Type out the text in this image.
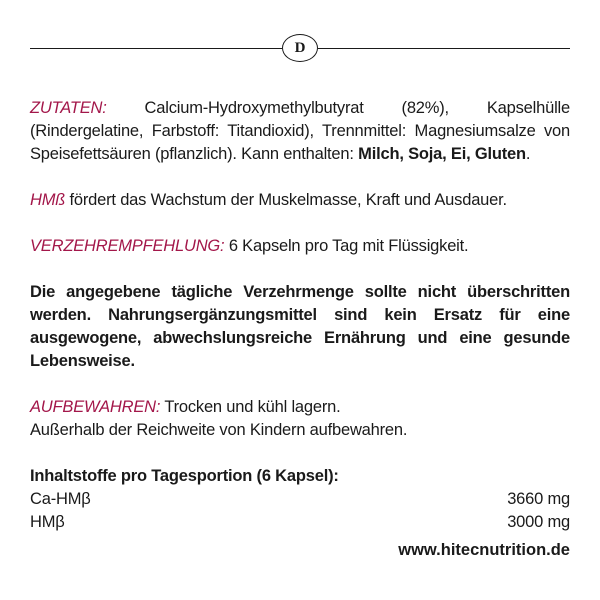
D

ZUTATEN: Calcium-Hydroxymethylbutyrat (82%), Kapselhülle (Rindergelatine, Farbstoff: Titandioxid), Trennmittel: Magnesiumsalze von Speisefettsäuren (pflanzlich). Kann enthalten: Milch, Soja, Ei, Gluten.

HMß fördert das Wachstum der Muskelmasse, Kraft und Ausdauer.

VERZEHREMPFEHLUNG: 6 Kapseln pro Tag mit Flüssigkeit.

Die angegebene tägliche Verzehrmenge sollte nicht überschritten werden. Nahrungsergänzungsmittel sind kein Ersatz für eine ausgewogene, abwechslungsreiche Ernährung und eine gesunde Lebensweise.

AUFBEWAHREN: Trocken und kühl lagern.
Außerhalb der Reichweite von Kindern aufbewahren.

Inhaltstoffe pro Tagesportion (6 Kapsel):
Ca-HMβ	3660 mg
HMβ	3000 mg
www.hitecnutrition.de
